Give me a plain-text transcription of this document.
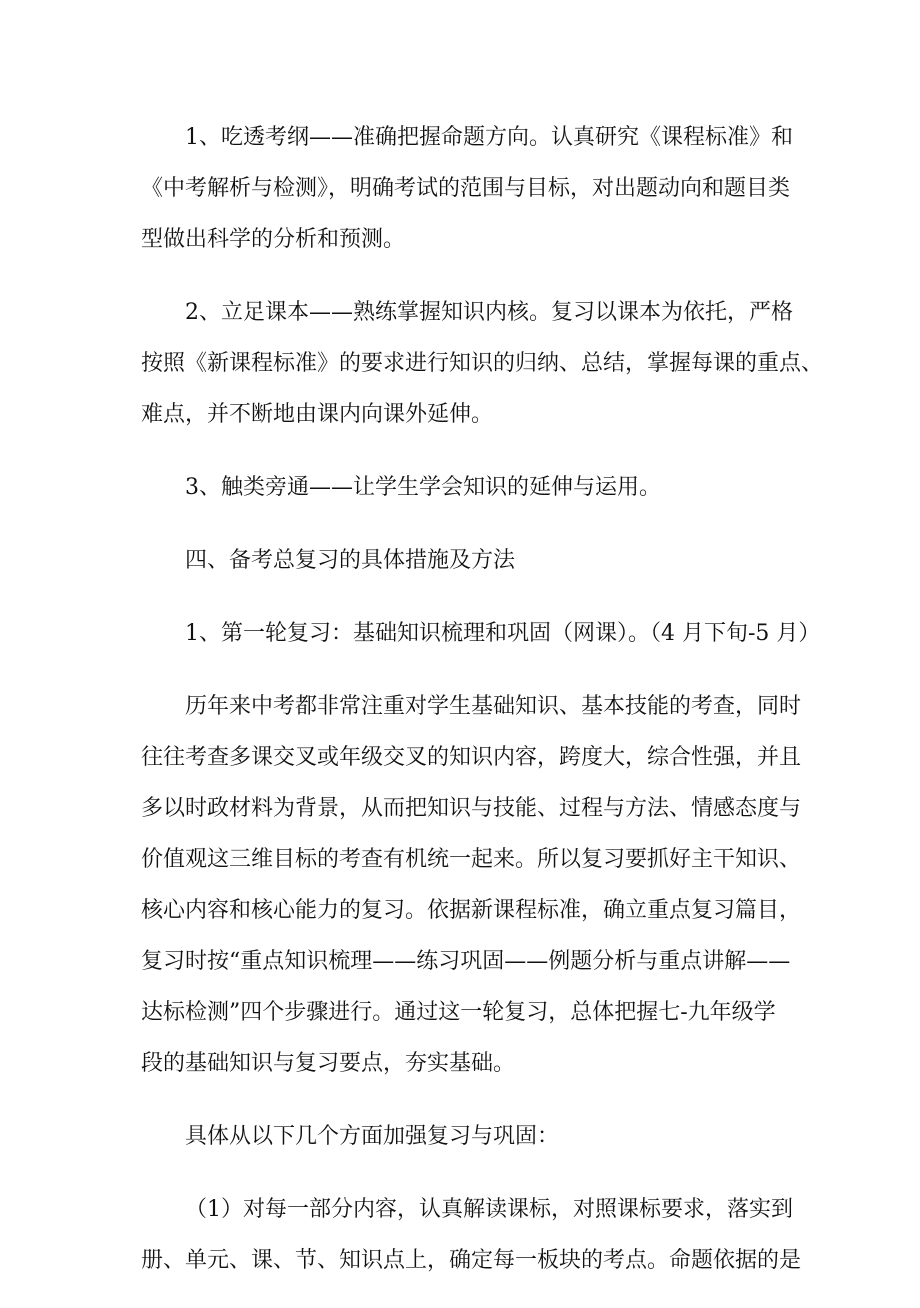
1、吃透考纲——准确把握命题方向。认真研究《课程标准》和
《中考解析与检测》，明确考试的范围与目标，对出题动向和题目类
型做出科学的分析和预测。

2、立足课本——熟练掌握知识内核。复习以课本为依托，严格
按照《新课程标准》的要求进行知识的归纳、总结，掌握每课的重点、
难点，并不断地由课内向课外延伸。

3、触类旁通——让学生学会知识的延伸与运用。

四、备考总复习的具体措施及方法

1、第一轮复习：基础知识梳理和巩固（网课）。（4 月下旬-5 月）

历年来中考都非常注重对学生基础知识、基本技能的考查，同时
往往考查多课交叉或年级交叉的知识内容，跨度大，综合性强，并且
多以时政材料为背景，从而把知识与技能、过程与方法、情感态度与
价值观这三维目标的考查有机统一起来。所以复习要抓好主干知识、
核心内容和核心能力的复习。依据新课程标准，确立重点复习篇目，
复习时按“重点知识梳理——练习巩固——例题分析与重点讲解——
达标检测”四个步骤进行。通过这一轮复习，总体把握七-九年级学
段的基础知识与复习要点，夯实基础。

具体从以下几个方面加强复习与巩固：

（1）对每一部分内容，认真解读课标，对照课标要求，落实到
册、单元、课、节、知识点上，确定每一板块的考点。命题依据的是
